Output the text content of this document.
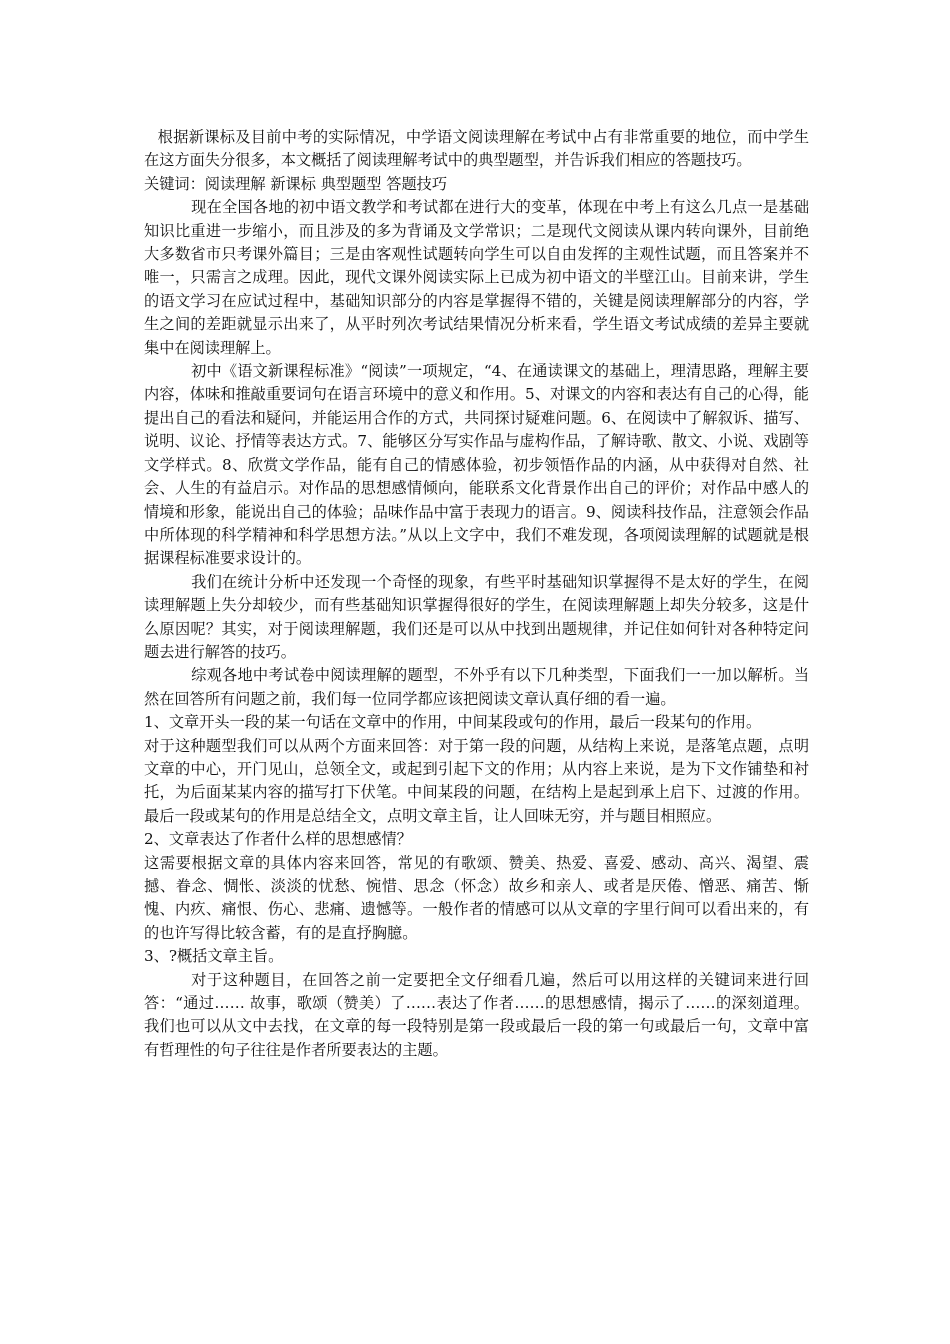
根据新课标及目前中考的实际情况，中学语文阅读理解在考试中占有非常重要的地位，而中学生在这方面失分很多，本文概括了阅读理解考试中的典型题型，并告诉我们相应的答题技巧。

关键词：阅读理解 新课标 典型题型 答题技巧

现在全国各地的初中语文教学和考试都在进行大的变革，体现在中考上有这么几点一是基础知识比重进一步缩小，而且涉及的多为背诵及文学常识；二是现代文阅读从课内转向课外，目前绝大多数省市只考课外篇目；三是由客观性试题转向学生可以自由发挥的主观性试题，而且答案并不唯一，只需言之成理。因此，现代文课外阅读实际上已成为初中语文的半壁江山。目前来讲，学生的语文学习在应试过程中，基础知识部分的内容是掌握得不错的，关键是阅读理解部分的内容，学生之间的差距就显示出来了，从平时列次考试结果情况分析来看，学生语文考试成绩的差异主要就集中在阅读理解上。

初中《语文新课程标准》“阅读”一项规定，“4、在通读课文的基础上，理清思路，理解主要内容，体味和推敲重要词句在语言环境中的意义和作用。5、对课文的内容和表达有自己的心得，能提出自己的看法和疑问，并能运用合作的方式，共同探讨疑难问题。6、在阅读中了解叙诉、描写、说明、议论、抒情等表达方式。7、能够区分写实作品与虚构作品，了解诗歌、散文、小说、戏剧等文学样式。8、欣赏文学作品，能有自己的情感体验，初步领悟作品的内涵，从中获得对自然、社会、人生的有益启示。对作品的思想感情倾向，能联系文化背景作出自己的评价；对作品中感人的情境和形象，能说出自己的体验；品味作品中富于表现力的语言。9、阅读科技作品，注意领会作品中所体现的科学精神和科学思想方法。”从以上文字中，我们不难发现，各项阅读理解的试题就是根据课程标准要求设计的。

我们在统计分析中还发现一个奇怪的现象，有些平时基础知识掌握得不是太好的学生，在阅读理解题上失分却较少，而有些基础知识掌握得很好的学生，在阅读理解题上却失分较多，这是什么原因呢？其实，对于阅读理解题，我们还是可以从中找到出题规律，并记住如何针对各种特定问题去进行解答的技巧。

综观各地中考试卷中阅读理解的题型，不外乎有以下几种类型，下面我们一一加以解析。当然在回答所有问题之前，我们每一位同学都应该把阅读文章认真仔细的看一遍。

1、文章开头一段的某一句话在文章中的作用，中间某段或句的作用，最后一段某句的作用。

对于这种题型我们可以从两个方面来回答：对于第一段的问题，从结构上来说，是落笔点题，点明文章的中心，开门见山，总领全文，或起到引起下文的作用；从内容上来说，是为下文作铺垫和衬托，为后面某某内容的描写打下伏笔。中间某段的问题，在结构上是起到承上启下、过渡的作用。最后一段或某句的作用是总结全文，点明文章主旨，让人回味无穷，并与题目相照应。

2、文章表达了作者什么样的思想感情？

这需要根据文章的具体内容来回答，常见的有歌颂、赞美、热爱、喜爱、感动、高兴、渴望、震撼、眷念、惆怅、淡淡的忧愁、惋惜、思念（怀念）故乡和亲人、或者是厌倦、憎恶、痛苦、惭愧、内疚、痛恨、伤心、悲痛、遗憾等。一般作者的情感可以从文章的字里行间可以看出来的，有的也许写得比较含蓄，有的是直抒胸臆。

3、?概括文章主旨。

对于这种题目，在回答之前一定要把全文仔细看几遍，然后可以用这样的关键词来进行回答：“通过…… 故事，歌颂（赞美）了……表达了作者……的思想感情，揭示了……的深刻道理。我们也可以从文中去找，在文章的每一段特别是第一段或最后一段的第一句或最后一句，文章中富有哲理性的句子往往是作者所要表达的主题。
